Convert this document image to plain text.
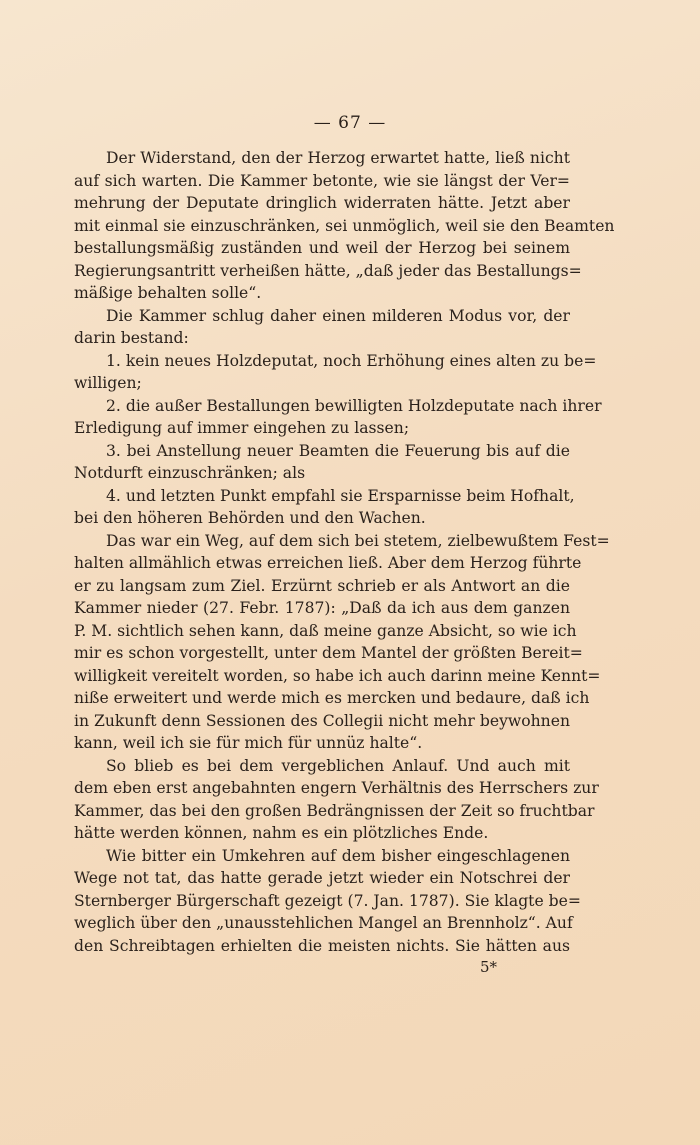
— 67 —
Der Widerstand, den der Herzog erwartet hatte, ließ nicht
auf sich warten. Die Kammer betonte, wie sie längst der Ver=
mehrung der Deputate dringlich widerraten hätte. Jetzt aber
mit einmal sie einzuschränken, sei unmöglich, weil sie den Beamten
bestallungsmäßig zuständen und weil der Herzog bei seinem
Regierungsantritt verheißen hätte, „daß jeder das Bestallungs=
mäßige behalten solle“.
Die Kammer schlug daher einen milderen Modus vor, der
darin bestand:
1. kein neues Holzdeputat, noch Erhöhung eines alten zu be=
willigen;
2. die außer Bestallungen bewilligten Holzdeputate nach ihrer
Erledigung auf immer eingehen zu lassen;
3. bei Anstellung neuer Beamten die Feuerung bis auf die
Notdurft einzuschränken; als
4. und letzten Punkt empfahl sie Ersparnisse beim Hofhalt,
bei den höheren Behörden und den Wachen.
Das war ein Weg, auf dem sich bei stetem, zielbewußtem Fest=
halten allmählich etwas erreichen ließ. Aber dem Herzog führte
er zu langsam zum Ziel. Erzürnt schrieb er als Antwort an die
Kammer nieder (27. Febr. 1787): „Daß da ich aus dem ganzen
P. M. sichtlich sehen kann, daß meine ganze Absicht, so wie ich
mir es schon vorgestellt, unter dem Mantel der größten Bereit=
willigkeit vereitelt worden, so habe ich auch darinn meine Kennt=
niße erweitert und werde mich es mercken und bedaure, daß ich
in Zukunft denn Sessionen des Collegii nicht mehr beywohnen
kann, weil ich sie für mich für unnüz halte“.
So blieb es bei dem vergeblichen Anlauf. Und auch mit
dem eben erst angebahnten engern Verhältnis des Herrschers zur
Kammer, das bei den großen Bedrängnissen der Zeit so fruchtbar
hätte werden können, nahm es ein plötzliches Ende.
Wie bitter ein Umkehren auf dem bisher eingeschlagenen
Wege not tat, das hatte gerade jetzt wieder ein Notschrei der
Sternberger Bürgerschaft gezeigt (7. Jan. 1787). Sie klagte be=
weglich über den „unausstehlichen Mangel an Brennholz“. Auf
den Schreibtagen erhielten die meisten nichts. Sie hätten aus
5*
